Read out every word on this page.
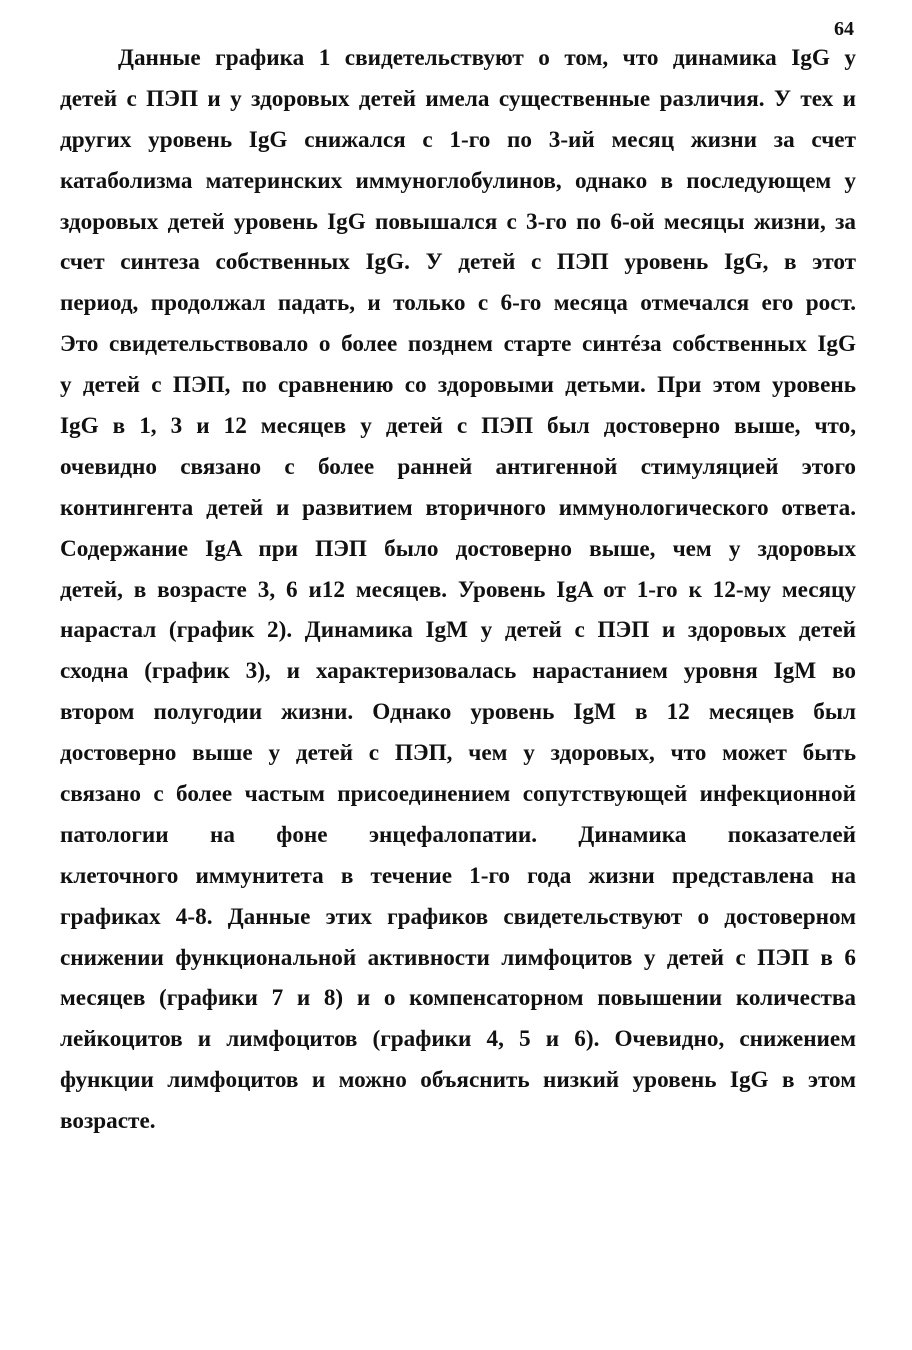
64
Данные графика 1 свидетельствуют о том, что динамика IgG у
детей с ПЭП и у здоровых детей имела существенные различия. У тех и
других уровень IgG снижался с 1-го по 3-ий месяц жизни за счет
катаболизма материнских иммуноглобулинов, однако в последующем у
здоровых детей уровень IgG повышался с 3-го по 6-ой месяцы жизни, за
счет синтеза собственных IgG. У детей с ПЭП уровень IgG, в этот
период, продолжал падать, и только с 6-го месяца отмечался его рост.
Это свидетельствовало о более позднем старте синтéза собственных IgG
у детей с ПЭП, по сравнению со здоровыми детьми. При этом уровень
IgG в 1, 3 и 12 месяцев у детей с ПЭП был достоверно выше, что,
очевидно связано с более ранней антигенной стимуляцией этого
контингента детей и развитием вторичного иммунологического ответа.
Содержание IgA при ПЭП было достоверно выше, чем у здоровых
детей, в возрасте 3, 6 и12 месяцев. Уровень IgA от 1-го к 12-му месяцу
нарастал (график 2). Динамика IgM у детей с ПЭП и здоровых детей
сходна (график 3), и характеризовалась нарастанием уровня IgM во
втором полугодии жизни. Однако уровень IgM в 12 месяцев был
достоверно выше у детей с ПЭП, чем у здоровых, что может быть
связано с более частым присоединением сопутствующей инфекционной
патологии на фоне энцефалопатии. Динамика показателей
клеточного иммунитета в течение 1-го года жизни представлена на
графиках 4-8. Данные этих графиков свидетельствуют о достоверном
снижении функциональной активности лимфоцитов у детей с ПЭП в 6
месяцев (графики 7 и 8) и о компенсаторном повышении количества
лейкоцитов и лимфоцитов (графики 4, 5 и 6). Очевидно, снижением
функции лимфоцитов и можно объяснить низкий уровень IgG в этом
возрасте.
